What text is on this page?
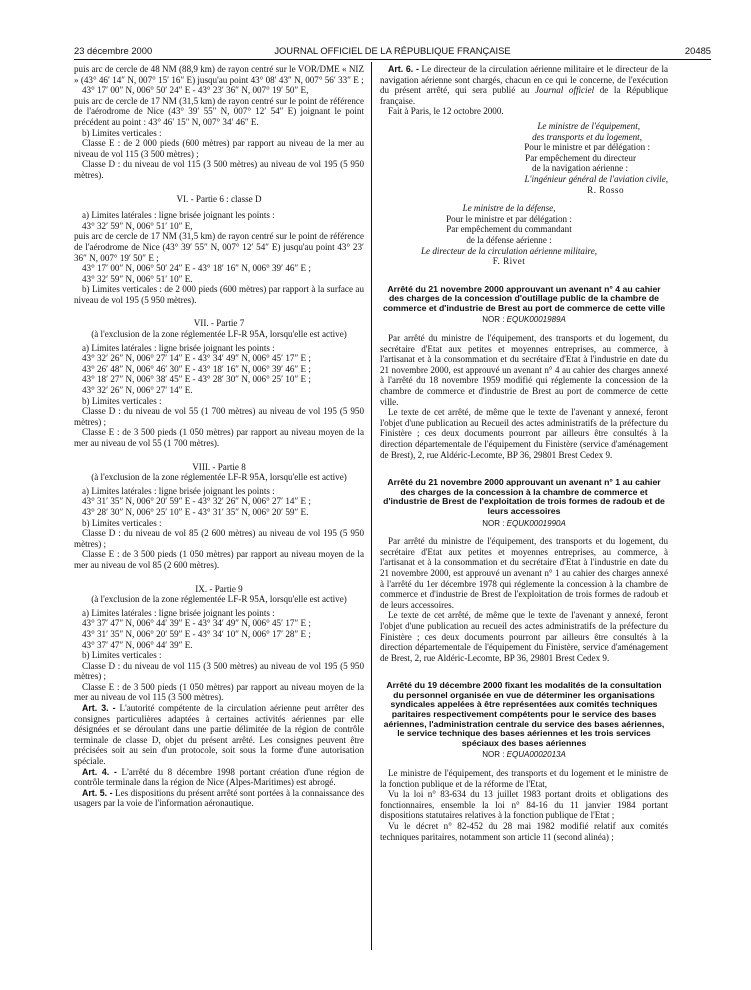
23 décembre 2000	JOURNAL OFFICIEL DE LA RÉPUBLIQUE FRANÇAISE	20485

puis arc de cercle de 48 NM (88,9 km) de rayon centré sur le VOR/DME « NIZ » (43° 46′ 14″ N, 007° 15′ 16″ E) jusqu'au point 43° 08′ 43″ N, 007° 56′ 33″ E ;

43° 17′ 00″ N, 006° 50′ 24″ E - 43° 23′ 36″ N, 007° 19′ 50″ E,

puis arc de cercle de 17 NM (31,5 km) de rayon centré sur le point de référence de l'aérodrome de Nice (43° 39′ 55″ N, 007° 12′ 54″ E) joignant le point précédent au point : 43° 46′ 15″ N, 007° 34′ 46″ E.

b) Limites verticales :

Classe E : de 2 000 pieds (600 mètres) par rapport au niveau de la mer au niveau de vol 115 (3 500 mètres) ;

Classe D : du niveau de vol 115 (3 500 mètres) au niveau de vol 195 (5 950 mètres).

VI. - Partie 6 : classe D

a) Limites latérales : ligne brisée joignant les points :

43° 32′ 59″ N, 006° 51′ 10″ E,

puis arc de cercle de 17 NM (31,5 km) de rayon centré sur le point de référence de l'aérodrome de Nice (43° 39′ 55″ N, 007° 12′ 54″ E) jusqu'au point 43° 23′ 36″ N, 007° 19′ 50″ E ;

43° 17′ 00″ N, 006° 50′ 24″ E - 43° 18′ 16″ N, 006° 39′ 46″ E ;

43° 32′ 59″ N, 006° 51′ 10″ E.

b) Limites verticales : de 2 000 pieds (600 mètres) par rapport à la surface au niveau de vol 195 (5 950 mètres).

VII. - Partie 7

(à l'exclusion de la zone réglementée LF-R 95A, lorsqu'elle est active)

a) Limites latérales : ligne brisée joignant les points :

43° 32′ 26″ N, 006° 27′ 14″ E - 43° 34′ 49″ N, 006° 45′ 17″ E ;

43° 26′ 48″ N, 006° 46′ 30″ E - 43° 18′ 16″ N, 006° 39′ 46″ E ;

43° 18′ 27″ N, 006° 38′ 45″ E - 43° 28′ 30″ N, 006° 25′ 10″ E ;

43° 32′ 26″ N, 006° 27′ 14″ E.

b) Limites verticales :

Classe D : du niveau de vol 55 (1 700 mètres) au niveau de vol 195 (5 950 mètres) ;

Classe E : de 3 500 pieds (1 050 mètres) par rapport au niveau moyen de la mer au niveau de vol 55 (1 700 mètres).

VIII. - Partie 8

(à l'exclusion de la zone réglementée LF-R 95A, lorsqu'elle est active)

a) Limites latérales : ligne brisée joignant les points :

43° 31′ 35″ N, 006° 20′ 59″ E - 43° 32′ 26″ N, 006° 27′ 14″ E ;

43° 28′ 30″ N, 006° 25′ 10″ E - 43° 31′ 35″ N, 006° 20′ 59″ E.

b) Limites verticales :

Classe D : du niveau de vol 85 (2 600 mètres) au niveau de vol 195 (5 950 mètres) ;

Classe E : de 3 500 pieds (1 050 mètres) par rapport au niveau moyen de la mer au niveau de vol 85 (2 600 mètres).

IX. - Partie 9

(à l'exclusion de la zone réglementée LF-R 95A, lorsqu'elle est active)

a) Limites latérales : ligne brisée joignant les points :

43° 37′ 47″ N, 006° 44′ 39″ E - 43° 34′ 49″ N, 006° 45′ 17″ E ;

43° 31′ 35″ N, 006° 20′ 59″ E - 43° 34′ 10″ N, 006° 17′ 28″ E ;

43° 37′ 47″ N, 006° 44′ 39″ E.

b) Limites verticales :

Classe D : du niveau de vol 115 (3 500 mètres) au niveau de vol 195 (5 950 mètres) ;

Classe E : de 3 500 pieds (1 050 mètres) par rapport au niveau moyen de la mer au niveau de vol 115 (3 500 mètres).

Art. 3. - L'autorité compétente de la circulation aérienne peut arrêter des consignes particulières adaptées à certaines activités aériennes par elle désignées et se déroulant dans une partie délimitée de la région de contrôle terminale de classe D, objet du présent arrêté. Les consignes peuvent être précisées soit au sein d'un protocole, soit sous la forme d'une autorisation spéciale.

Art. 4. - L'arrêté du 8 décembre 1998 portant création d'une région de contrôle terminale dans la région de Nice (Alpes-Maritimes) est abrogé.

Art. 5. - Les dispositions du présent arrêté sont portées à la connaissance des usagers par la voie de l'information aéronautique.

Art. 6. - Le directeur de la circulation aérienne militaire et le directeur de la navigation aérienne sont chargés, chacun en ce qui le concerne, de l'exécution du présent arrêté, qui sera publié au Journal officiel de la République française.

Fait à Paris, le 12 octobre 2000.

Le ministre de l'équipement,

des transports et du logement,

Pour le ministre et par délégation :

Par empêchement du directeur

de la navigation aérienne :

L'ingénieur général de l'aviation civile,

R. Rosso

Le ministre de la défense,

Pour le ministre et par délégation :

Par empêchement du commandant

de la défense aérienne :

Le directeur de la circulation aérienne militaire,

F. Rivet

Arrêté du 21 novembre 2000 approuvant un avenant n° 4 au cahier des charges de la concession d'outillage public de la chambre de commerce et d'industrie de Brest au port de commerce de cette ville

NOR : EQUK0001989A

Par arrêté du ministre de l'équipement, des transports et du logement, du secrétaire d'Etat aux petites et moyennes entreprises, au commerce, à l'artisanat et à la consommation et du secrétaire d'Etat à l'industrie en date du 21 novembre 2000, est approuvé un avenant n° 4 au cahier des charges annexé à l'arrêté du 18 novembre 1959 modifié qui réglemente la concession de la chambre de commerce et d'industrie de Brest au port de commerce de cette ville.

Le texte de cet arrêté, de même que le texte de l'avenant y annexé, feront l'objet d'une publication au Recueil des actes administratifs de la préfecture du Finistère ; ces deux documents pourront par ailleurs être consultés à la direction départementale de l'équipement du Finistère (service d'aménagement de Brest), 2, rue Aldéric-Lecomte, BP 36, 29801 Brest Cedex 9.

Arrêté du 21 novembre 2000 approuvant un avenant n° 1 au cahier des charges de la concession à la chambre de commerce et d'industrie de Brest de l'exploitation de trois formes de radoub et de leurs accessoires

NOR : EQUK0001990A

Par arrêté du ministre de l'équipement, des transports et du logement, du secrétaire d'Etat aux petites et moyennes entreprises, au commerce, à l'artisanat et à la consommation et du secrétaire d'Etat à l'industrie en date du 21 novembre 2000, est approuvé un avenant n° 1 au cahier des charges annexé à l'arrêté du 1er décembre 1978 qui réglemente la concession à la chambre de commerce et d'industrie de Brest de l'exploitation de trois formes de radoub et de leurs accessoires.

Le texte de cet arrêté, de même que le texte de l'avenant y annexé, feront l'objet d'une publication au recueil des actes administratifs de la préfecture du Finistère ; ces deux documents pourront par ailleurs être consultés à la direction départementale de l'équipement du Finistère, service d'aménagement de Brest, 2, rue Aldéric-Lecomte, BP 36, 29801 Brest Cedex 9.

Arrêté du 19 décembre 2000 fixant les modalités de la consultation du personnel organisée en vue de déterminer les organisations syndicales appelées à être représentées aux comités techniques paritaires respectivement compétents pour le service des bases aériennes, l'administration centrale du service des bases aériennes, le service technique des bases aériennes et les trois services spéciaux des bases aériennes

NOR : EQUA0002013A

Le ministre de l'équipement, des transports et du logement et le ministre de la fonction publique et de la réforme de l'Etat,

Vu la loi n° 83-634 du 13 juillet 1983 portant droits et obligations des fonctionnaires, ensemble la loi n° 84-16 du 11 janvier 1984 portant dispositions statutaires relatives à la fonction publique de l'Etat ;

Vu le décret n° 82-452 du 28 mai 1982 modifié relatif aux comités techniques paritaires, notamment son article 11 (second alinéa) ;
